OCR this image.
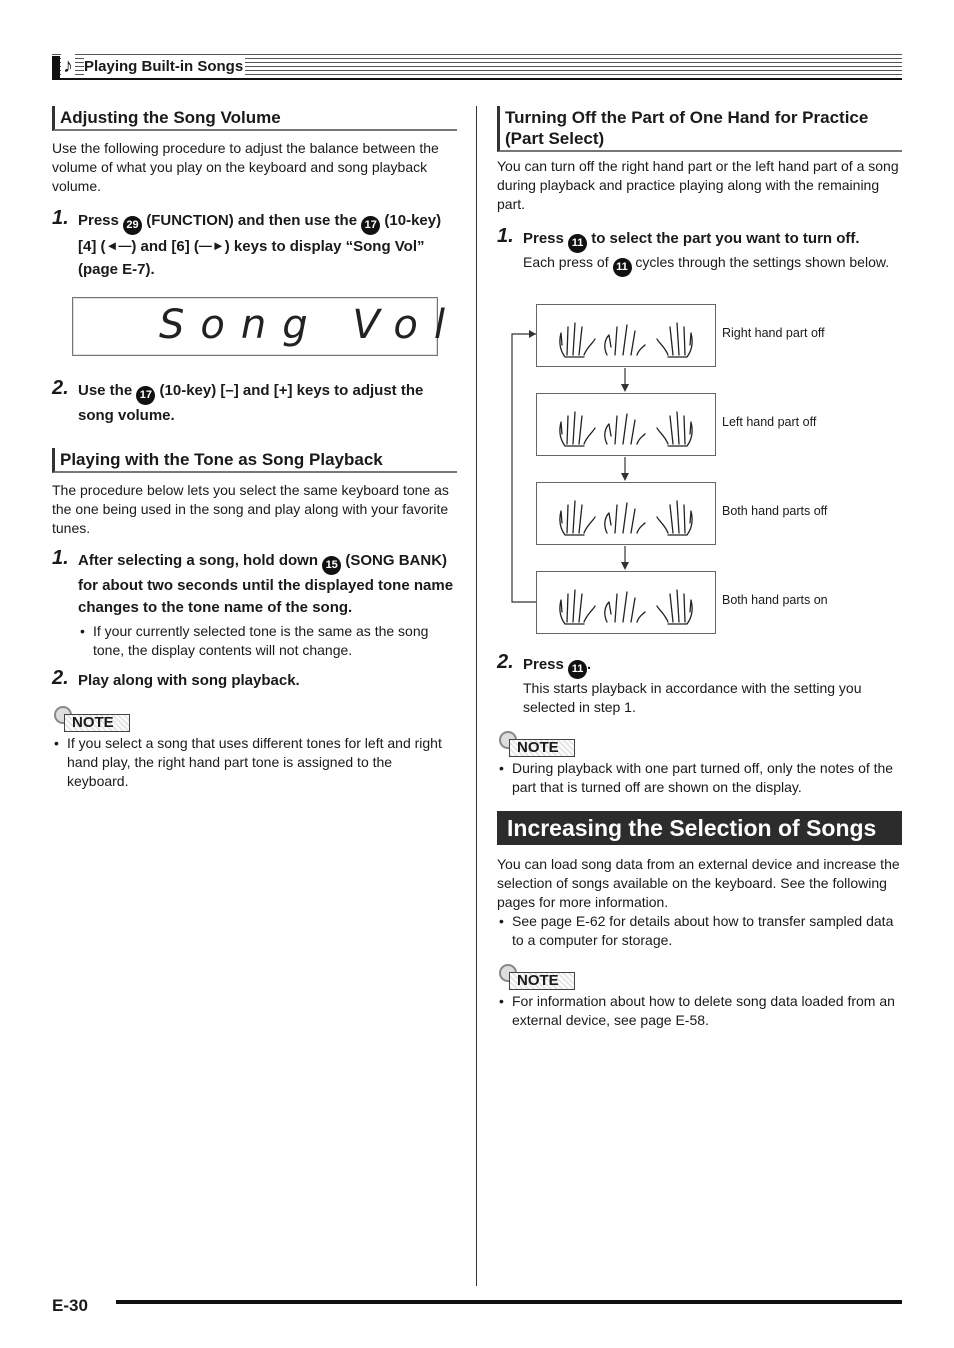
♪ Playing Built-in Songs
Adjusting the Song Volume
Use the following procedure to adjust the balance between the volume of what you play on the keyboard and song playback volume.
1. Press 29 (FUNCTION) and then use the 17 (10-key) [4] (◄—) and [6] (—►) keys to display “Song Vol” (page E-7).
Song Vol
2. Use the 17 (10-key) [–] and [+] keys to adjust the song volume.
Playing with the Tone as Song Playback
The procedure below lets you select the same keyboard tone as the one being used in the song and play along with your favorite tunes.
1. After selecting a song, hold down 15 (SONG BANK) for about two seconds until the displayed tone name changes to the tone name of the song.
• If your currently selected tone is the same as the song tone, the display contents will not change.
2. Play along with song playback.
NOTE
• If you select a song that uses different tones for left and right hand play, the right hand part tone is assigned to the keyboard.
Turning Off the Part of One Hand for Practice (Part Select)
You can turn off the right hand part or the left hand part of a song during playback and practice playing along with the remaining part.
1. Press 11 to select the part you want to turn off.
Each press of 11 cycles through the settings shown below.
Right hand part off
Left hand part off
Both hand parts off
Both hand parts on
2. Press 11 .
This starts playback in accordance with the setting you selected in step 1.
NOTE
• During playback with one part turned off, only the notes of the part that is turned off are shown on the display.
Increasing the Selection of Songs
You can load song data from an external device and increase the selection of songs available on the keyboard. See the following pages for more information.
• See page E-62 for details about how to transfer sampled data to a computer for storage.
NOTE
• For information about how to delete song data loaded from an external device, see page E-58.
E-30
